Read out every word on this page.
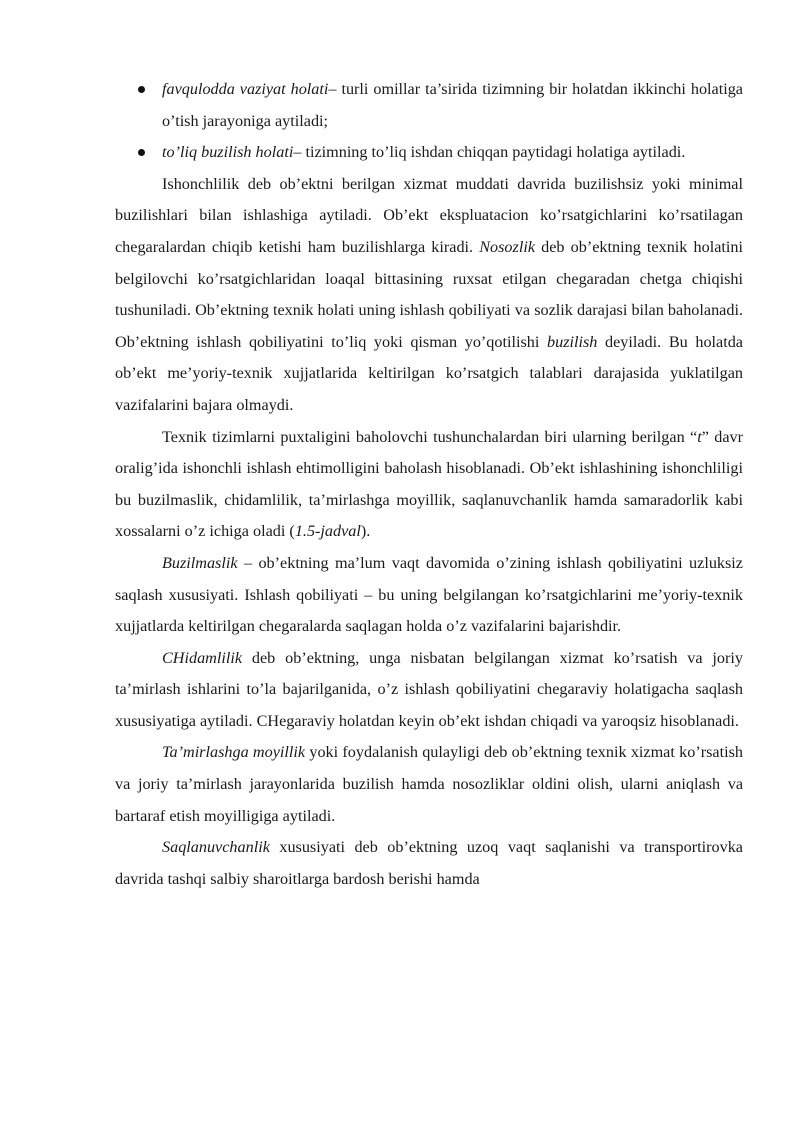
favqulodda vaziyat holati– turli omillar ta’sirida tizimning bir holatdan ikkinchi holatiga o’tish jarayoniga aytiladi;
to’liq buzilish holati– tizimning to’liq ishdan chiqqan paytidagi holatiga aytiladi.

Ishonchlilik deb ob’ektni berilgan xizmat muddati davrida buzilishsiz yoki minimal buzilishlari bilan ishlashiga aytiladi. Ob’ekt ekspluatacion ko’rsatgichlarini ko’rsatilagan chegaralardan chiqib ketishi ham buzilishlarga kiradi. Nosozlik deb ob’ektning texnik holatini belgilovchi ko’rsatgichlaridan loaqal bittasining ruxsat etilgan chegaradan chetga chiqishi tushuniladi. Ob’ektning texnik holati uning ishlash qobiliyati va sozlik darajasi bilan baholanadi. Ob’ektning ishlash qobiliyatini to’liq yoki qisman yo’qotilishi buzilish deyiladi. Bu holatda ob’ekt me’yoriy-texnik xujjatlarida keltirilgan ko’rsatgich talablari darajasida yuklatilgan vazifalarini bajara olmaydi.

Texnik tizimlarni puxtaligini baholovchi tushunchalardan biri ularning berilgan “t” davr oralig’ida ishonchli ishlash ehtimolligini baholash hisoblanadi. Ob’ekt ishlashining ishonchliligi bu buzilmaslik, chidamlilik, ta’mirlashga moyillik, saqlanuvchanlik hamda samaradorlik kabi xossalarni o’z ichiga oladi (1.5-jadval).

Buzilmaslik – ob’ektning ma’lum vaqt davomida o’zining ishlash qobiliyatini uzluksiz saqlash xususiyati. Ishlash qobiliyati – bu uning belgilangan ko’rsatgichlarini me’yoriy-texnik xujjatlarda keltirilgan chegaralarda saqlagan holda o’z vazifalarini bajarishdir.

CHidamlilik deb ob’ektning, unga nisbatan belgilangan xizmat ko’rsatish va joriy ta’mirlash ishlarini to’la bajarilganida, o’z ishlash qobiliyatini chegaraviy holatigacha saqlash xususiyatiga aytiladi. CHegaraviy holatdan keyin ob’ekt ishdan chiqadi va yaroqsiz hisoblanadi.

Ta’mirlashga moyillik yoki foydalanish qulayligi deb ob’ektning texnik xizmat ko’rsatish va joriy ta’mirlash jarayonlarida buzilish hamda nosozliklar oldini olish, ularni aniqlash va bartaraf etish moyilligiga aytiladi.

Saqlanuvchanlik xususiyati deb ob’ektning uzoq vaqt saqlanishi va transportirovka davrida tashqi salbiy sharoitlarga bardosh berishi hamda
